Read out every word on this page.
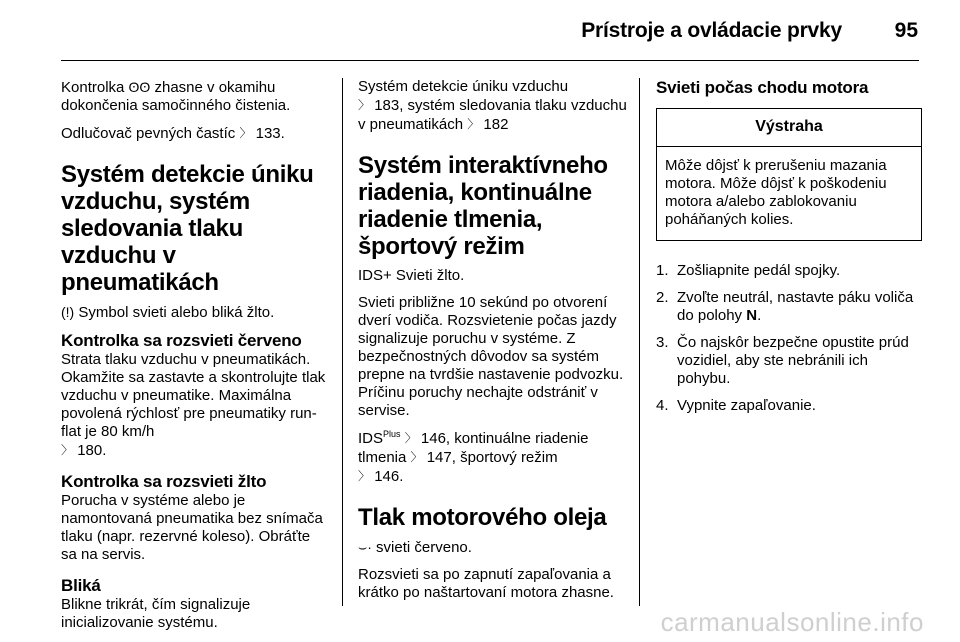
Prístroje a ovládacie prvky	95

Kontrolka ʘʘ zhasne v okamihu dokončenia samočinného čistenia.

Odlučovač pevných častíc 〉 133.

Systém detekcie úniku vzduchu, systém sledovania tlaku vzduchu v pneumatikách

(!) Symbol svieti alebo bliká žlto.

Kontrolka sa rozsvieti červeno

Strata tlaku vzduchu v pneumatikách. Okamžite sa zastavte a skontrolujte tlak vzduchu v pneumatike. Maximálna povolená rýchlosť pre pneumatiky run-flat je 80 km/h
〉 180.

Kontrolka sa rozsvieti žlto

Porucha v systéme alebo je namontovaná pneumatika bez snímača tlaku (napr. rezervné koleso). Obráťte sa na servis.

Bliká

Blikne trikrát, čím signalizuje inicializovanie systému.

Systém detekcie úniku vzduchu
〉 183, systém sledovania tlaku vzduchu v pneumatikách 〉 182

Systém interaktívneho riadenia, kontinuálne riadenie tlmenia, športový režim

IDS+ Svieti žlto.

Svieti približne 10 sekúnd po otvorení dverí vodiča. Rozsvietenie počas jazdy signalizuje poruchu v systéme. Z bezpečnostných dôvodov sa systém prepne na tvrdšie nastavenie podvozku. Príčinu poruchy nechajte odstrániť v servise.

$IDS^{Plus}$ 〉 146, kontinuálne riadenie tlmenia 〉 147, športový režim
〉 146.

Tlak motorového oleja

⌣· svieti červeno.

Rozsvieti sa po zapnutí zapaľovania a krátko po naštartovaní motora zhasne.

Svieti počas chodu motora
Výstraha
Môže dôjsť k prerušeniu mazania motora. Môže dôjsť k poškodeniu motora a/alebo zablokovaniu poháňaných kolies.
1. Zošliapnite pedál spojky.
2. Zvoľte neutrál, nastavte páku voliča do polohy N.
3. Čo najskôr bezpečne opustite prúd vozidiel, aby ste nebránili ich pohybu.
4. Vypnite zapaľovanie.
carmanualsonline.info
